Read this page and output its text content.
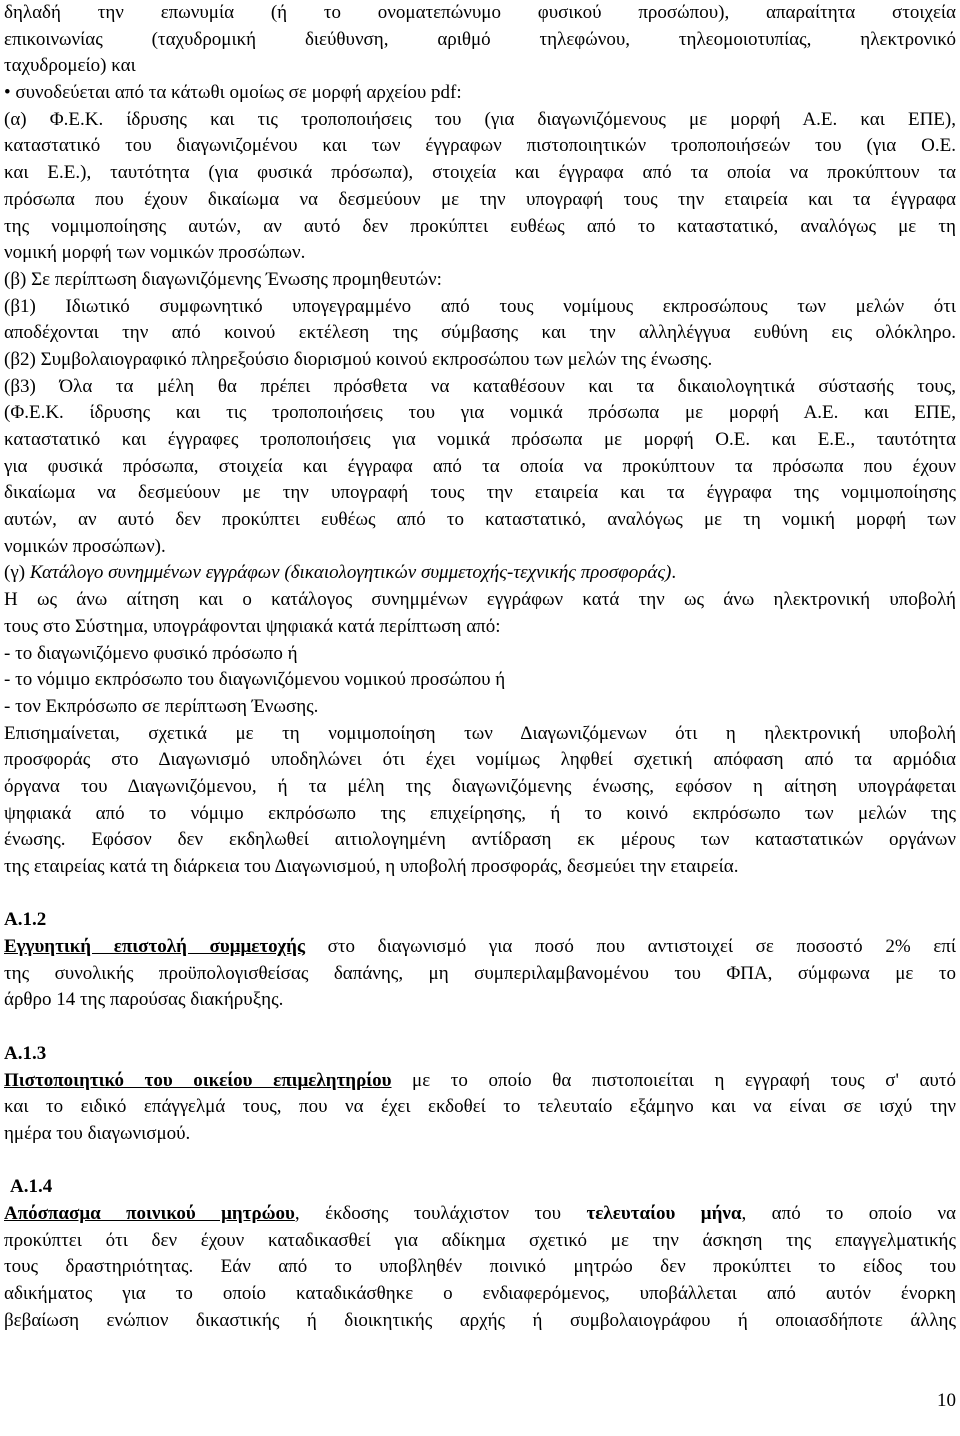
δηλαδή την επωνυμία (ή το ονοματεπώνυμο φυσικού προσώπου), απαραίτητα στοιχεία
επικοινωνίας (ταχυδρομική διεύθυνση, αριθμό τηλεφώνου, τηλεομοιοτυπίας, ηλεκτρονικό
ταχυδρομείο) και
• συνοδεύεται από τα κάτωθι ομοίως σε μορφή αρχείου pdf:
(α) Φ.Ε.Κ. ίδρυσης και τις τροποποιήσεις του (για διαγωνιζόμενους με μορφή Α.Ε. και ΕΠΕ),
καταστατικό του διαγωνιζομένου και των έγγραφων πιστοποιητικών τροποποιήσεών του (για Ο.Ε.
και Ε.Ε.), ταυτότητα (για φυσικά πρόσωπα), στοιχεία και έγγραφα από τα οποία να προκύπτουν τα
πρόσωπα που έχουν δικαίωμα να δεσμεύουν με την υπογραφή τους την εταιρεία και τα έγγραφα
της νομιμοποίησης αυτών, αν αυτό δεν προκύπτει ευθέως από το καταστατικό, αναλόγως με τη
νομική μορφή των νομικών προσώπων.
(β) Σε περίπτωση διαγωνιζόμενης Ένωσης προμηθευτών:
(β1) Ιδιωτικό συμφωνητικό υπογεγραμμένο από τους νομίμους εκπροσώπους των μελών ότι
αποδέχονται την από κοινού εκτέλεση της σύμβασης και την αλληλέγγυα ευθύνη εις ολόκληρο.
(β2) Συμβολαιογραφικό πληρεξούσιο διορισμού κοινού εκπροσώπου των μελών της ένωσης.
(β3) Όλα τα μέλη θα πρέπει πρόσθετα να καταθέσουν και τα δικαιολογητικά σύστασής τους,
(Φ.Ε.Κ. ίδρυσης και τις τροποποιήσεις του για νομικά πρόσωπα με μορφή Α.Ε. και ΕΠΕ,
καταστατικό και έγγραφες τροποποιήσεις για νομικά πρόσωπα με μορφή Ο.Ε. και Ε.Ε., ταυτότητα
για φυσικά πρόσωπα, στοιχεία και έγγραφα από τα οποία να προκύπτουν τα πρόσωπα που έχουν
δικαίωμα να δεσμεύουν με την υπογραφή τους την εταιρεία και τα έγγραφα της νομιμοποίησης
αυτών, αν αυτό δεν προκύπτει ευθέως από το καταστατικό, αναλόγως με τη νομική μορφή των
νομικών προσώπων).
(γ) Κατάλογο συνημμένων εγγράφων (δικαιολογητικών συμμετοχής-τεχνικής προσφοράς).
Η ως άνω αίτηση και ο κατάλογος συνημμένων εγγράφων κατά την ως άνω ηλεκτρονική υποβολή
τους στο Σύστημα, υπογράφονται ψηφιακά κατά περίπτωση από:
- το διαγωνιζόμενο φυσικό πρόσωπο ή
- το νόμιμο εκπρόσωπο του διαγωνιζόμενου νομικού προσώπου ή
- τον Εκπρόσωπο σε περίπτωση Ένωσης.
Επισημαίνεται, σχετικά με τη νομιμοποίηση των Διαγωνιζόμενων ότι η ηλεκτρονική υποβολή
προσφοράς στο Διαγωνισμό υποδηλώνει ότι έχει νομίμως ληφθεί σχετική απόφαση από τα αρμόδια
όργανα του Διαγωνιζόμενου, ή τα μέλη της διαγωνιζόμενης ένωσης, εφόσον η αίτηση υπογράφεται
ψηφιακά από το νόμιμο εκπρόσωπο της επιχείρησης, ή το κοινό εκπρόσωπο των μελών της
ένωσης. Εφόσον δεν εκδηλωθεί αιτιολογημένη αντίδραση εκ μέρους των καταστατικών οργάνων
της εταιρείας κατά τη διάρκεια του Διαγωνισμού, η υποβολή προσφοράς, δεσμεύει την εταιρεία.
Α.1.2
Εγγυητική επιστολή συμμετοχής στο διαγωνισμό για ποσό που αντιστοιχεί σε ποσοστό 2% επί
της συνολικής προϋπολογισθείσας δαπάνης, μη συμπεριλαμβανομένου του ΦΠΑ, σύμφωνα με το
άρθρο 14 της παρούσας διακήρυξης.
Α.1.3
Πιστοποιητικό του οικείου επιμελητηρίου με το οποίο θα πιστοποιείται η εγγραφή τους σ' αυτό
και το ειδικό επάγγελμά τους, που να έχει εκδοθεί το τελευταίο εξάμηνο και να είναι σε ισχύ την
ημέρα του διαγωνισμού.
Α.1.4
Απόσπασμα ποινικού μητρώου, έκδοσης τουλάχιστον του τελευταίου μήνα, από το οποίο να
προκύπτει ότι δεν έχουν καταδικασθεί για αδίκημα σχετικό με την άσκηση της επαγγελματικής
τους δραστηριότητας. Εάν από το υποβληθέν ποινικό μητρώο δεν προκύπτει το είδος του
αδικήματος για το οποίο καταδικάσθηκε ο ενδιαφερόμενος, υποβάλλεται από αυτόν ένορκη
βεβαίωση ενώπιον δικαστικής ή διοικητικής αρχής ή συμβολαιογράφου ή οποιασδήποτε άλλης
10
